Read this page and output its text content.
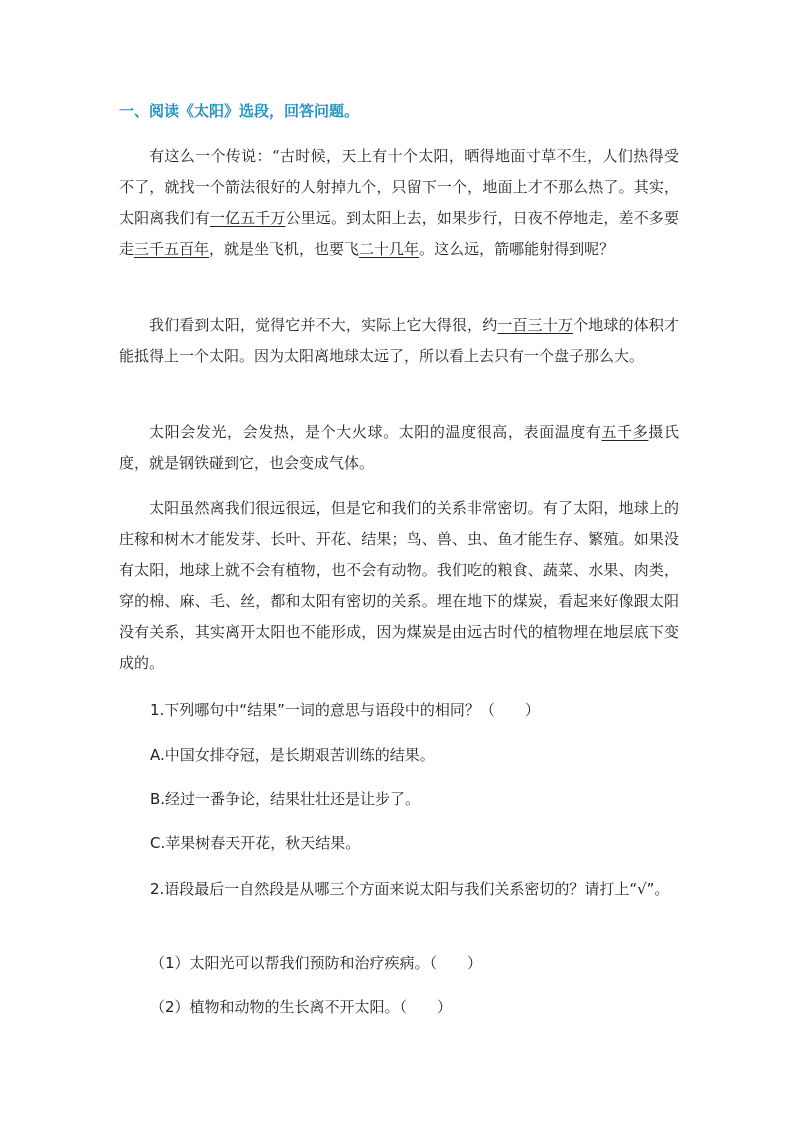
一、阅读《太阳》选段，回答问题。

有这么一个传说：“古时候，天上有十个太阳，晒得地面寸草不生，人们热得受不了，就找一个箭法很好的人射掉九个，只留下一个，地面上才不那么热了。其实，太阳离我们有一亿五千万公里远。到太阳上去，如果步行，日夜不停地走，差不多要走三千五百年，就是坐飞机，也要飞二十几年。这么远，箭哪能射得到呢？

我们看到太阳，觉得它并不大，实际上它大得很，约一百三十万个地球的体积才能抵得上一个太阳。因为太阳离地球太远了，所以看上去只有一个盘子那么大。

太阳会发光，会发热，是个大火球。太阳的温度很高，表面温度有五千多摄氏度，就是钢铁碰到它，也会变成气体。

太阳虽然离我们很远很远，但是它和我们的关系非常密切。有了太阳，地球上的庄稼和树木才能发芽、长叶、开花、结果；鸟、兽、虫、鱼才能生存、繁殖。如果没有太阳，地球上就不会有植物，也不会有动物。我们吃的粮食、蔬菜、水果、肉类，穿的棉、麻、毛、丝，都和太阳有密切的关系。埋在地下的煤炭，看起来好像跟太阳没有关系，其实离开太阳也不能形成，因为煤炭是由远古时代的植物埋在地层底下变成的。

1.下列哪句中“结果”一词的意思与语段中的相同？（ ）
A.中国女排夺冠，是长期艰苦训练的结果。
B.经过一番争论，结果壮壮还是让步了。
C.苹果树春天开花，秋天结果。
2.语段最后一自然段是从哪三个方面来说太阳与我们关系密切的？请打上“√”。
（1）太阳光可以帮我们预防和治疗疾病。（ ）
（2）植物和动物的生长离不开太阳。（ ）
